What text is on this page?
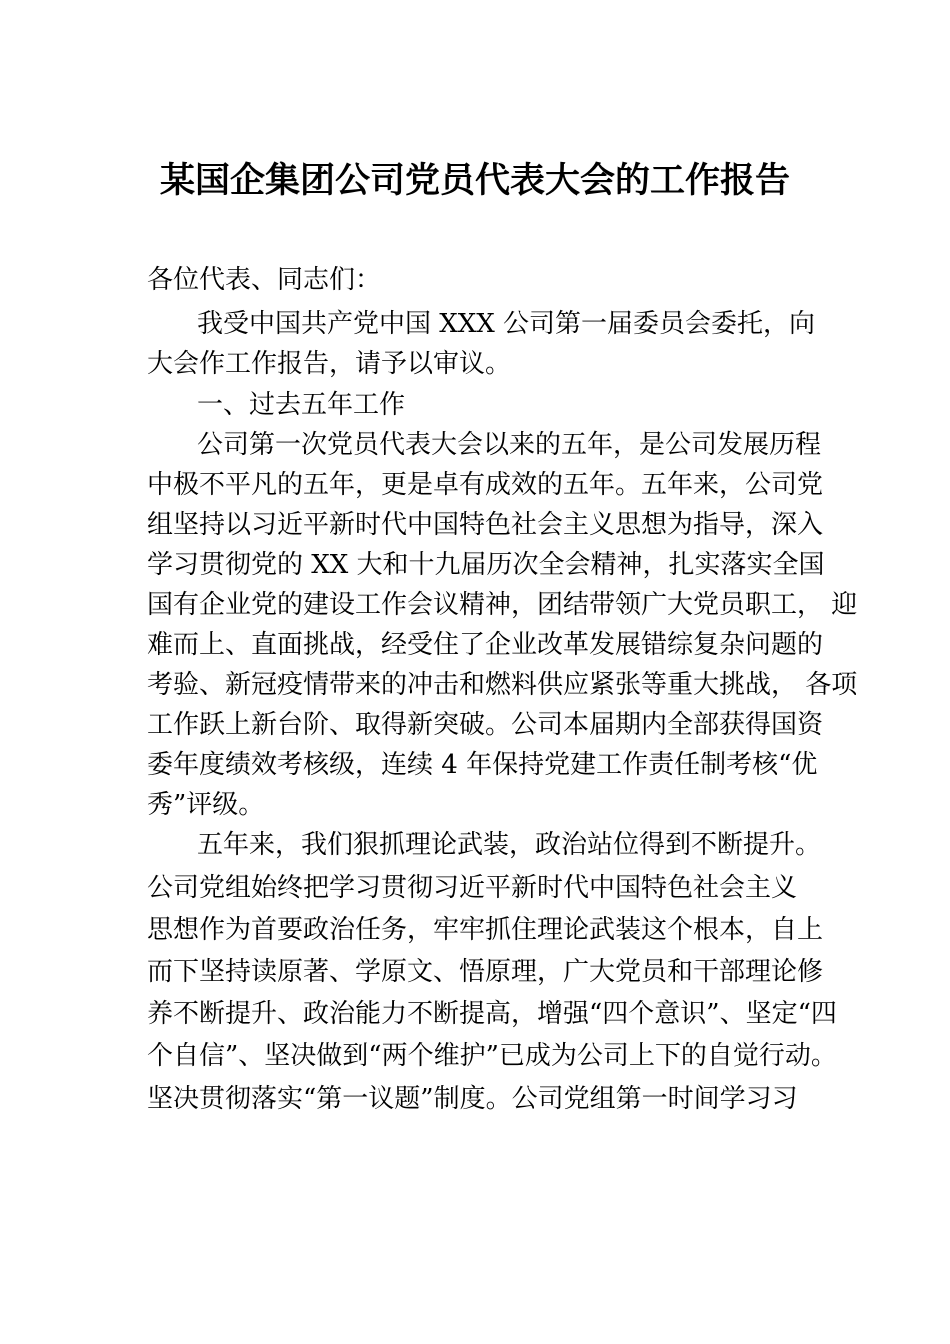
某国企集团公司党员代表大会的工作报告
各位代表、同志们：
我受中国共产党中国 XXX 公司第一届委员会委托，向
大会作工作报告，请予以审议。
一、过去五年工作
公司第一次党员代表大会以来的五年，是公司发展历程
中极不平凡的五年，更是卓有成效的五年。五年来，公司党
组坚持以习近平新时代中国特色社会主义思想为指导，深入
学习贯彻党的 XX 大和十九届历次全会精神，扎实落实全国
国有企业党的建设工作会议精神，团结带领广大党员职工， 迎
难而上、直面挑战，经受住了企业改革发展错综复杂问题的
考验、新冠疫情带来的冲击和燃料供应紧张等重大挑战， 各项
工作跃上新台阶、取得新突破。公司本届期内全部获得国资
委年度绩效考核级，连续 4 年保持党建工作责任制考核“优
秀”评级。
五年来，我们狠抓理论武装，政治站位得到不断提升。
公司党组始终把学习贯彻习近平新时代中国特色社会主义
思想作为首要政治任务，牢牢抓住理论武装这个根本，自上
而下坚持读原著、学原文、悟原理，广大党员和干部理论修
养不断提升、政治能力不断提高，增强“四个意识”、坚定“四
个自信”、坚决做到“两个维护”已成为公司上下的自觉行动。
坚决贯彻落实“第一议题”制度。公司党组第一时间学习习
